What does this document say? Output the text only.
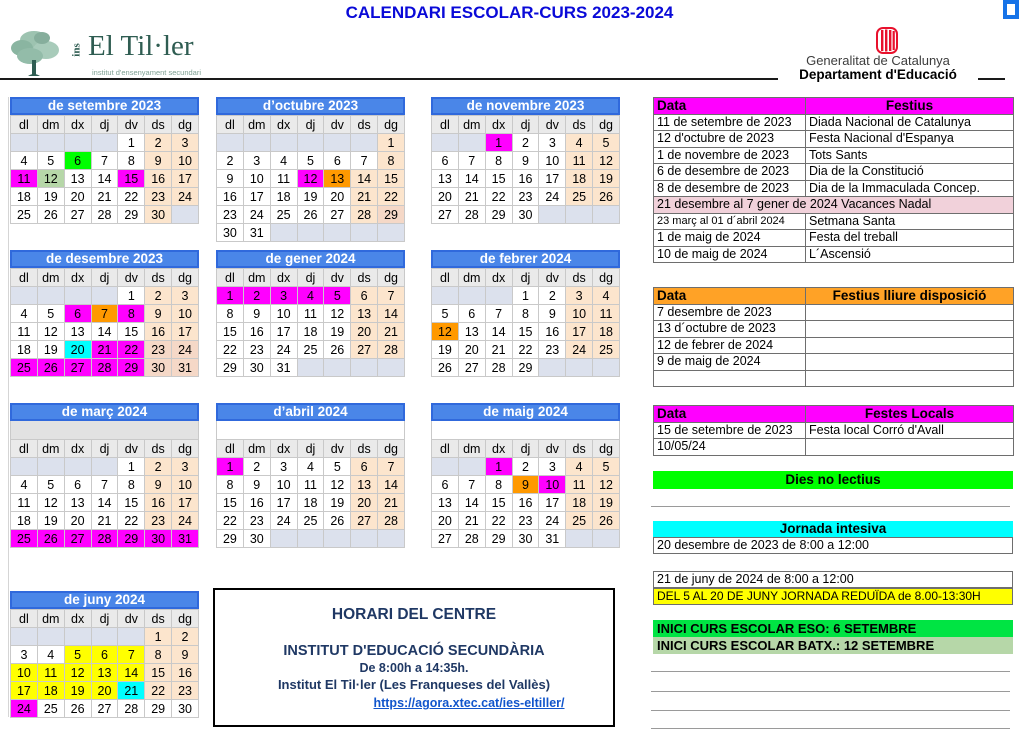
CALENDARI ESCOLAR-CURS 2023-2024
ins El Til·ler
institut d'ensenyament secundari
Generalitat de Catalunya
Departament d'Educació
de setembre 2023
dl	dm	dx	dj	dv	ds	dg
				1	2	3
4	5	6	7	8	9	10
11	12	13	14	15	16	17
18	19	20	21	22	23	24
25	26	27	28	29	30	
d’octubre 2023
dl	dm	dx	dj	dv	ds	dg
						1
2	3	4	5	6	7	8
9	10	11	12	13	14	15
16	17	18	19	20	21	22
23	24	25	26	27	28	29
30	31					
de novembre 2023
dl	dm	dx	dj	dv	ds	dg
		1	2	3	4	5
6	7	8	9	10	11	12
13	14	15	16	17	18	19
20	21	22	23	24	25	26
27	28	29	30			
de desembre 2023
dl	dm	dx	dj	dv	ds	dg
				1	2	3
4	5	6	7	8	9	10
11	12	13	14	15	16	17
18	19	20	21	22	23	24
25	26	27	28	29	30	31
de gener 2024
dl	dm	dx	dj	dv	ds	dg
1	2	3	4	5	6	7
8	9	10	11	12	13	14
15	16	17	18	19	20	21
22	23	24	25	26	27	28
29	30	31				
de febrer 2024
dl	dm	dx	dj	dv	ds	dg
			1	2	3	4
5	6	7	8	9	10	11
12	13	14	15	16	17	18
19	20	21	22	23	24	25
26	27	28	29			
de març 2024
dl	dm	dx	dj	dv	ds	dg
				1	2	3
4	5	6	7	8	9	10
11	12	13	14	15	16	17
18	19	20	21	22	23	24
25	26	27	28	29	30	31
d’abril 2024
dl	dm	dx	dj	dv	ds	dg
1	2	3	4	5	6	7
8	9	10	11	12	13	14
15	16	17	18	19	20	21
22	23	24	25	26	27	28
29	30					
de maig 2024
dl	dm	dx	dj	dv	ds	dg
		1	2	3	4	5
6	7	8	9	10	11	12
13	14	15	16	17	18	19
20	21	22	23	24	25	26
27	28	29	30	31		
de juny 2024
dl	dm	dx	dj	dv	ds	dg
					1	2
3	4	5	6	7	8	9
10	11	12	13	14	15	16
17	18	19	20	21	22	23
24	25	26	27	28	29	30
Data	Festius
11 de setembre de 2023	Diada Nacional de Catalunya
12 d'octubre de 2023	Festa Nacional d'Espanya
1 de novembre de 2023	Tots Sants
6 de desembre de 2023	Dia de la Constitució
8 de desembre de 2023	Dia de la Immaculada Concep.
21 desembre al 7 gener de 2024 Vacances Nadal	
23 març al 01 d´abril 2024	Setmana Santa
1 de maig de 2024	Festa del treball
10 de maig de 2024	L´Ascensió
Data	Festius lliure disposició
7 desembre de 2023	
13 d´octubre de 2023	
12 de febrer de 2024	
9 de maig de 2024	

Data	Festes Locals
15 de setembre de 2023	Festa local Corró d'Avall
10/05/24	
Dies no lectius
Jornada intesiva
20 desembre de 2023 de 8:00 a 12:00
21 de juny de 2024 de 8:00 a 12:00
DEL 5 AL 20 DE JUNY JORNADA REDUÏDA de 8.00-13:30H
INICI CURS ESCOLAR ESO: 6 SETEMBRE
INICI CURS ESCOLAR BATX.: 12 SETEMBRE
HORARI DEL CENTRE
INSTITUT D'EDUCACIÓ SECUNDÀRIA
De 8:00h a 14:35h.
Institut El Til·ler (Les Franqueses del Vallès)
https://agora.xtec.cat/ies-eltiller/
